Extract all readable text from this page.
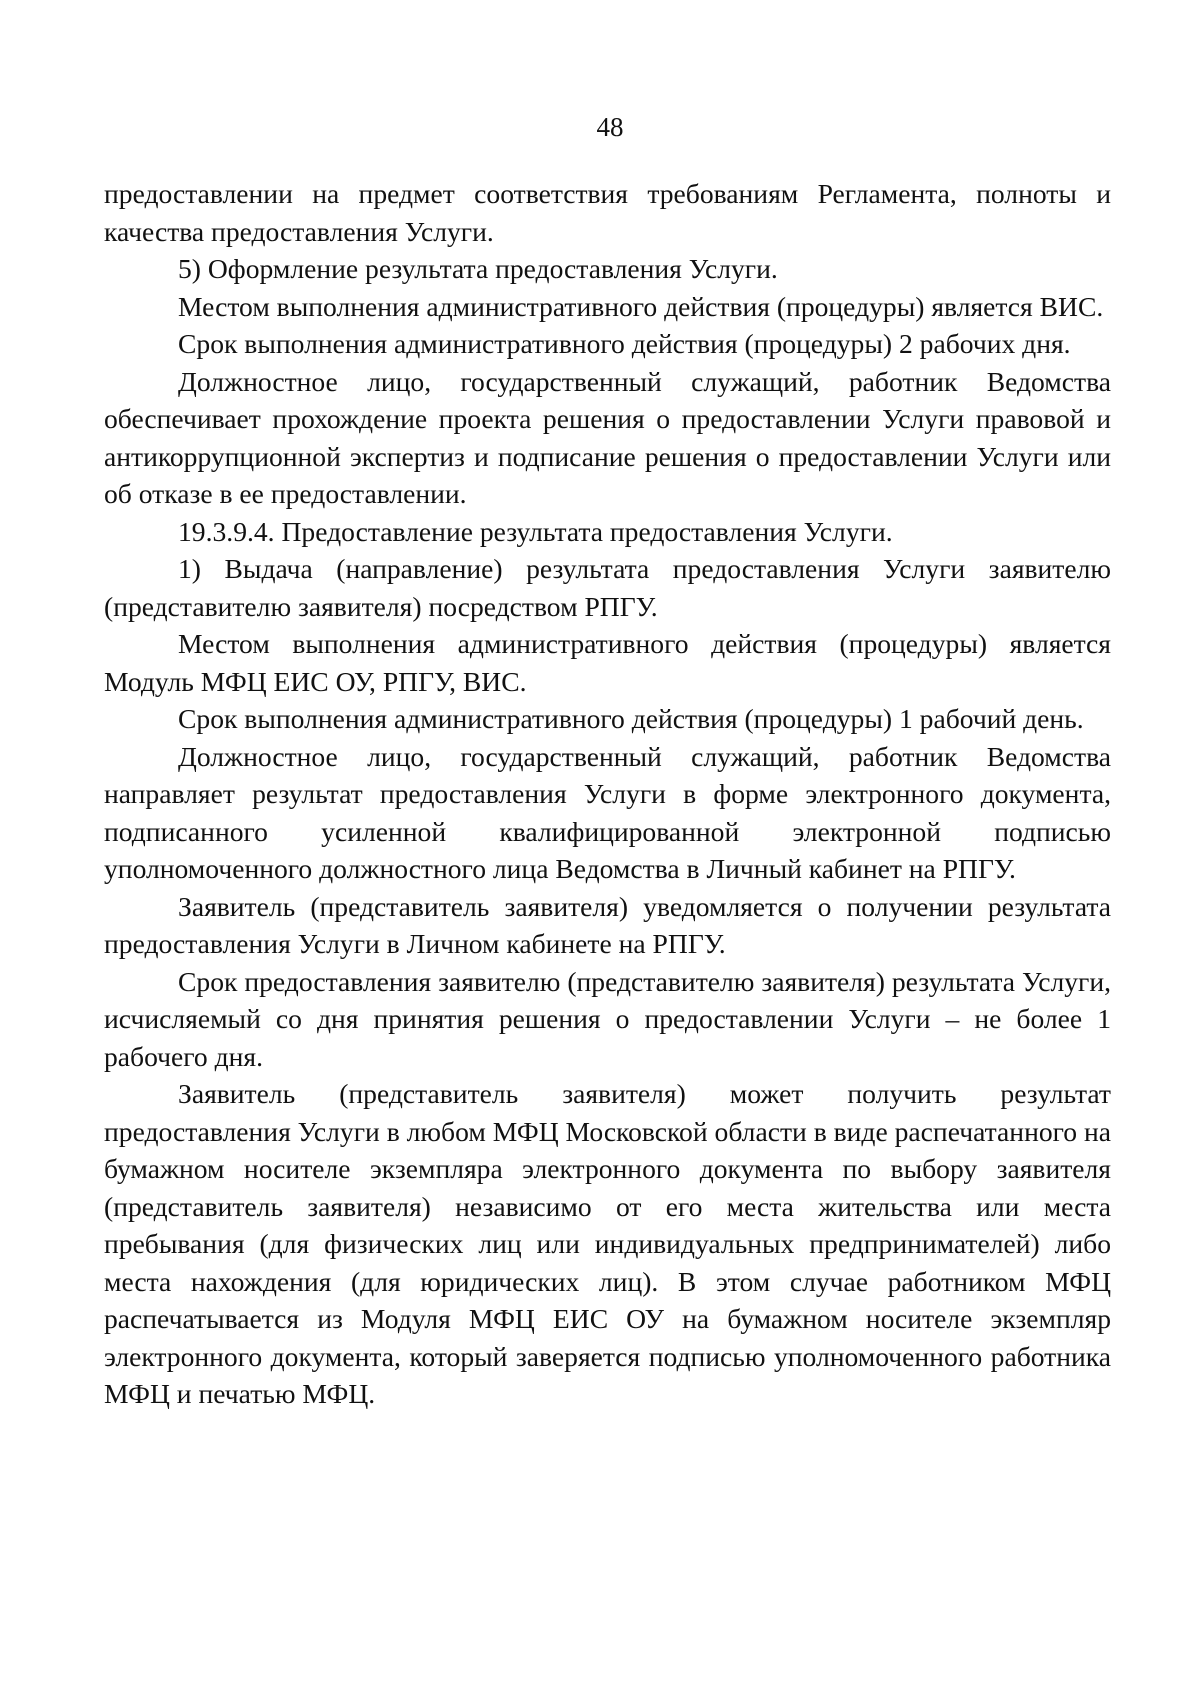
48

предоставлении на предмет соответствия требованиям Регламента, полноты и качества предоставления Услуги.

5) Оформление результата предоставления Услуги.

Местом выполнения административного действия (процедуры) является ВИС.

Срок выполнения административного действия (процедуры) 2 рабочих дня.

Должностное лицо, государственный служащий, работник Ведомства обеспечивает прохождение проекта решения о предоставлении Услуги правовой и антикоррупционной экспертиз и подписание решения о предоставлении Услуги или об отказе в ее предоставлении.

19.3.9.4. Предоставление результата предоставления Услуги.

1) Выдача (направление) результата предоставления Услуги заявителю (представителю заявителя) посредством РПГУ.

Местом выполнения административного действия (процедуры) является Модуль МФЦ ЕИС ОУ, РПГУ, ВИС.

Срок выполнения административного действия (процедуры) 1 рабочий день.

Должностное лицо, государственный служащий, работник Ведомства направляет результат предоставления Услуги в форме электронного документа, подписанного усиленной квалифицированной электронной подписью уполномоченного должностного лица Ведомства в Личный кабинет на РПГУ.

Заявитель (представитель заявителя) уведомляется о получении результата предоставления Услуги в Личном кабинете на РПГУ.

Срок предоставления заявителю (представителю заявителя) результата Услуги, исчисляемый со дня принятия решения о предоставлении Услуги – не более 1 рабочего дня.

Заявитель (представитель заявителя) может получить результат предоставления Услуги в любом МФЦ Московской области в виде распечатанного на бумажном носителе экземпляра электронного документа по выбору заявителя (представитель заявителя) независимо от его места жительства или места пребывания (для физических лиц или индивидуальных предпринимателей) либо места нахождения (для юридических лиц). В этом случае работником МФЦ распечатывается из Модуля МФЦ ЕИС ОУ на бумажном носителе экземпляр электронного документа, который заверяется подписью уполномоченного работника МФЦ и печатью МФЦ.
